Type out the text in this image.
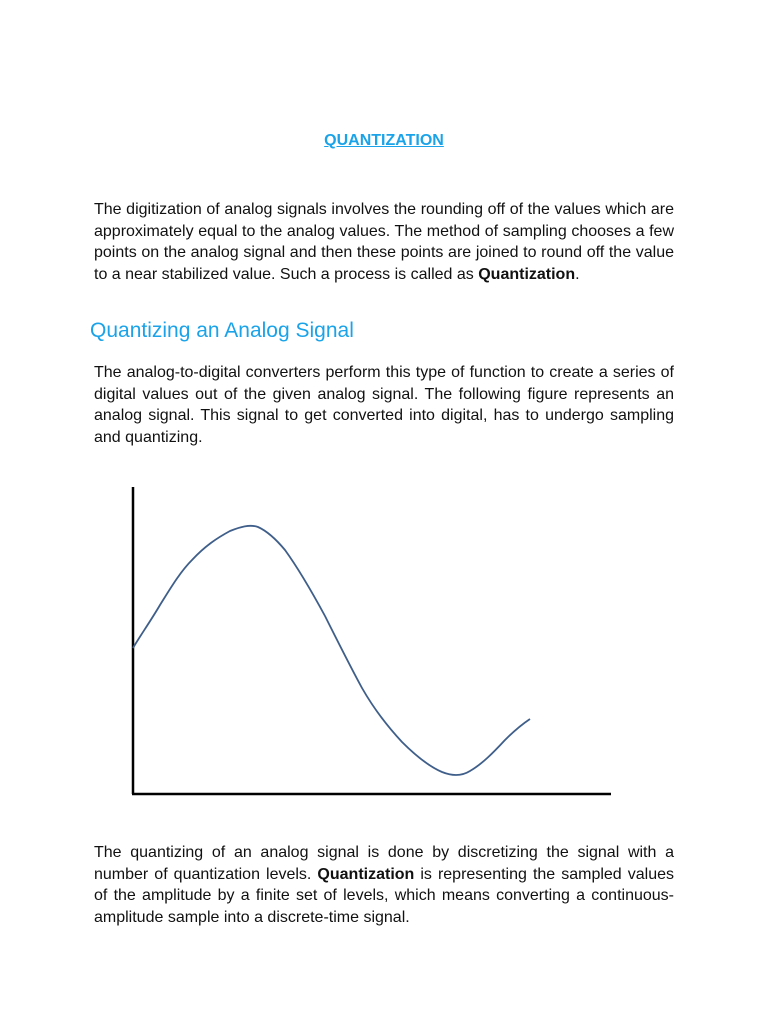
QUANTIZATION

The digitization of analog signals involves the rounding off of the values which are approximately equal to the analog values. The method of sampling chooses a few points on the analog signal and then these points are joined to round off the value to a near stabilized value. Such a process is called as Quantization.

Quantizing an Analog Signal

The analog-to-digital converters perform this type of function to create a series of digital values out of the given analog signal. The following figure represents an analog signal. This signal to get converted into digital, has to undergo sampling and quantizing.

The quantizing of an analog signal is done by discretizing the signal with a number of quantization levels. Quantization is representing the sampled values of the amplitude by a finite set of levels, which means converting a continuous-amplitude sample into a discrete-time signal.
